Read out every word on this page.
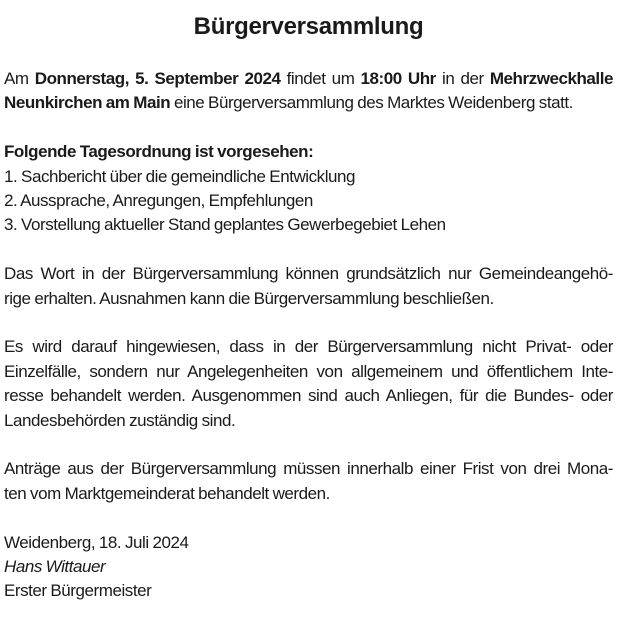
Bürgerversammlung

Am Donnerstag, 5. September 2024 findet um 18:00 Uhr in der Mehrzweckhalle
Neunkirchen am Main eine Bürgerversammlung des Marktes Weidenberg statt.

Folgende Tagesordnung ist vorgesehen:
1. Sachbericht über die gemeindliche Entwicklung
2. Aussprache, Anregungen, Empfehlungen
3. Vorstellung aktueller Stand geplantes Gewerbegebiet Lehen

Das Wort in der Bürgerversammlung können grundsätzlich nur Gemeindeangehö-
rige erhalten. Ausnahmen kann die Bürgerversammlung beschließen.

Es wird darauf hingewiesen, dass in der Bürgerversammlung nicht Privat- oder
Einzelfälle, sondern nur Angelegenheiten von allgemeinem und öffentlichem Inte-
resse behandelt werden. Ausgenommen sind auch Anliegen, für die Bundes- oder
Landesbehörden zuständig sind.

Anträge aus der Bürgerversammlung müssen innerhalb einer Frist von drei Mona-
ten vom Marktgemeinderat behandelt werden.

Weidenberg, 18. Juli 2024
Hans Wittauer
Erster Bürgermeister
